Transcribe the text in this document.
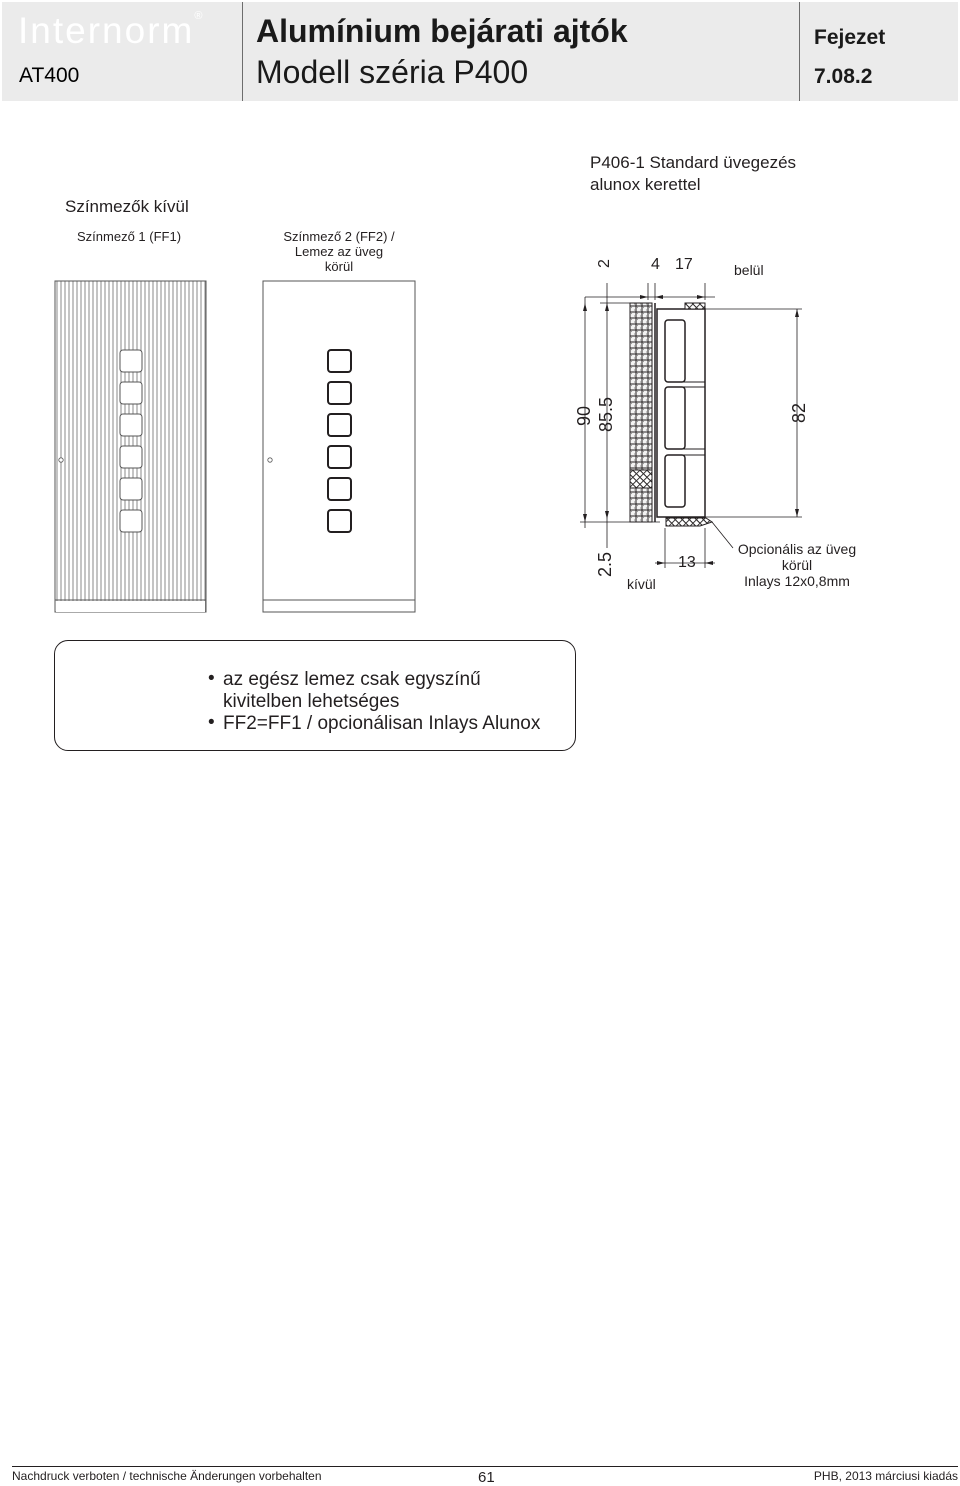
Internorm®
AT400
Alumínium bejárati ajtók
Modell széria P400
Fejezet
7.08.2
Színmezők kívül
Színmező 1 (FF1)	Színmező 2 (FF2) /
Lemez az üveg
körül
P406-1 Standard üvegezés
alunox kerettel
2 4 17	belül
90 85.5	82
2.5	13
kívül
Opcionális az üveg
körül
Inlays 12x0,8mm
• az egész lemez csak egyszínű
kivitelben lehetséges
• FF2=FF1 / opcionálisan Inlays Alunox
Nachdruck verboten / technische Änderungen vorbehalten	61	PHB, 2013 márciusi kiadás
